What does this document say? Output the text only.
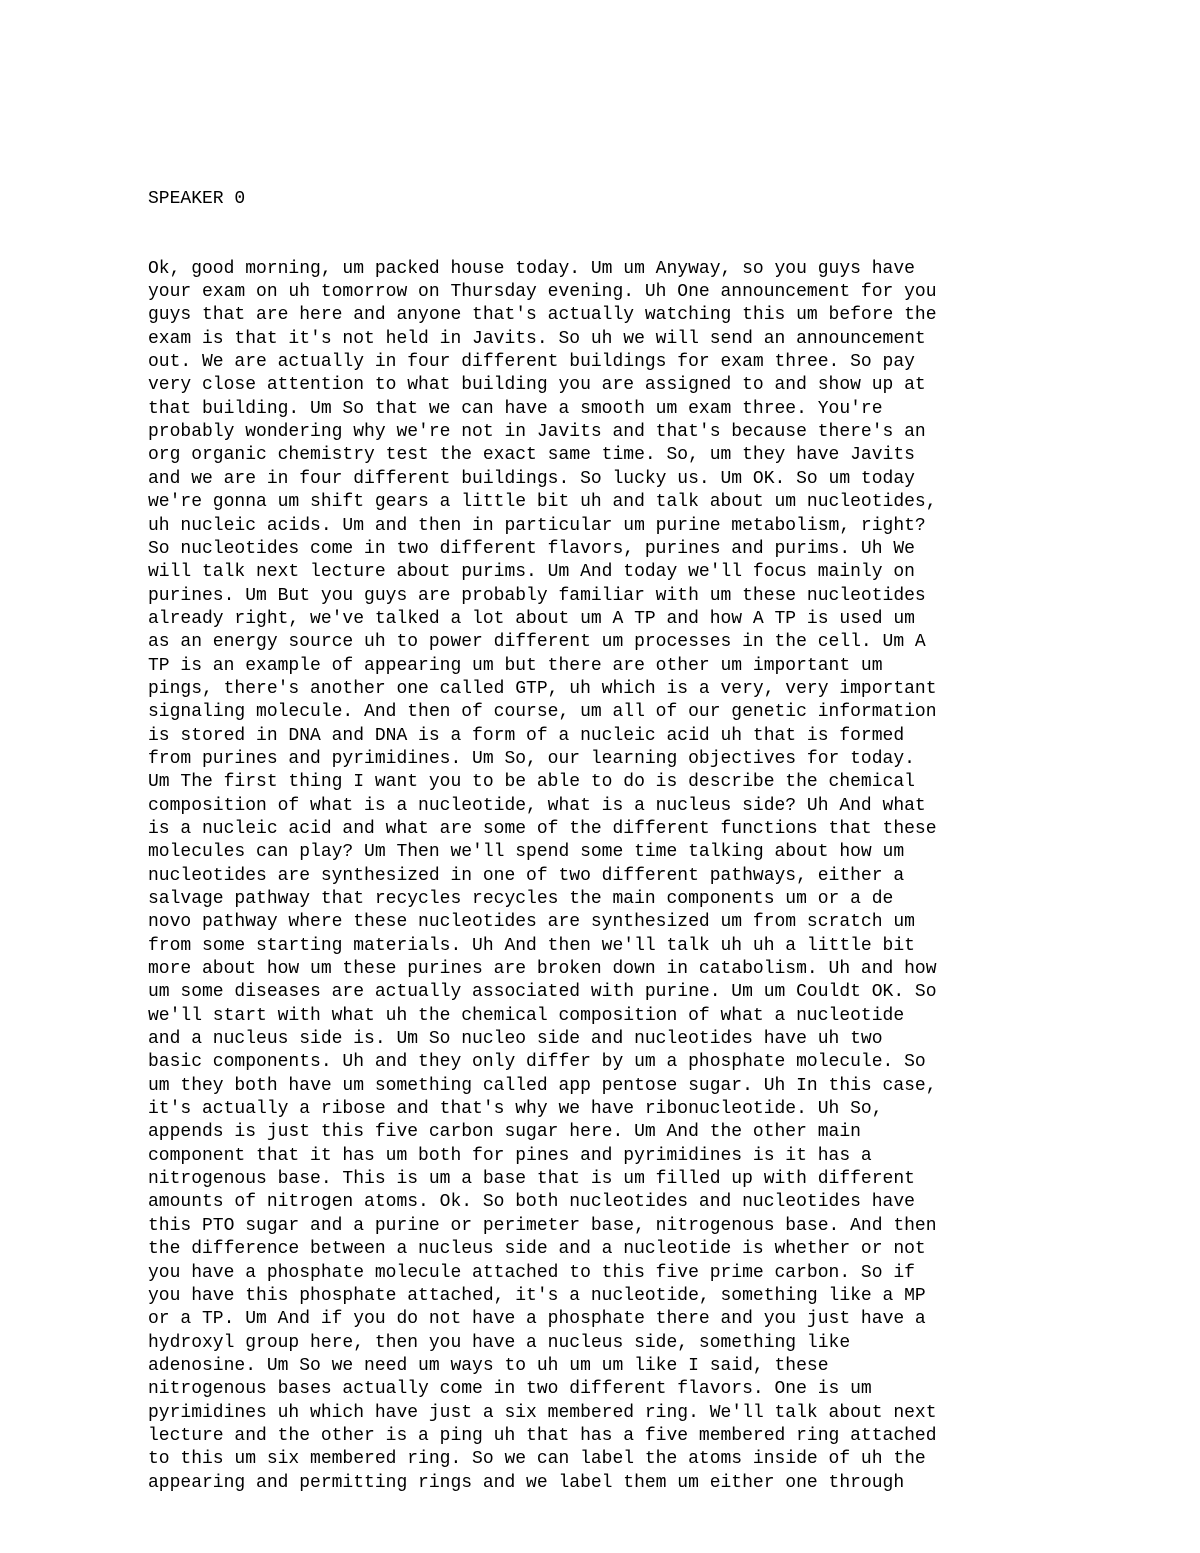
SPEAKER 0

Ok, good morning, um packed house today. Um um Anyway, so you guys have
your exam on uh tomorrow on Thursday evening. Uh One announcement for you
guys that are here and anyone that's actually watching this um before the
exam is that it's not held in Javits. So uh we will send an announcement
out. We are actually in four different buildings for exam three. So pay
very close attention to what building you are assigned to and show up at
that building. Um So that we can have a smooth um exam three. You're
probably wondering why we're not in Javits and that's because there's an
org organic chemistry test the exact same time. So, um they have Javits
and we are in four different buildings. So lucky us. Um OK. So um today
we're gonna um shift gears a little bit uh and talk about um nucleotides,
uh nucleic acids. Um and then in particular um purine metabolism, right?
So nucleotides come in two different flavors, purines and purims. Uh We
will talk next lecture about purims. Um And today we'll focus mainly on
purines. Um But you guys are probably familiar with um these nucleotides
already right, we've talked a lot about um A TP and how A TP is used um
as an energy source uh to power different um processes in the cell. Um A
TP is an example of appearing um but there are other um important um
pings, there's another one called GTP, uh which is a very, very important
signaling molecule. And then of course, um all of our genetic information
is stored in DNA and DNA is a form of a nucleic acid uh that is formed
from purines and pyrimidines. Um So, our learning objectives for today.
Um The first thing I want you to be able to do is describe the chemical
composition of what is a nucleotide, what is a nucleus side? Uh And what
is a nucleic acid and what are some of the different functions that these
molecules can play? Um Then we'll spend some time talking about how um
nucleotides are synthesized in one of two different pathways, either a
salvage pathway that recycles recycles the main components um or a de
novo pathway where these nucleotides are synthesized um from scratch um
from some starting materials. Uh And then we'll talk uh uh a little bit
more about how um these purines are broken down in catabolism. Uh and how
um some diseases are actually associated with purine. Um um Couldt OK. So
we'll start with what uh the chemical composition of what a nucleotide
and a nucleus side is. Um So nucleo side and nucleotides have uh two
basic components. Uh and they only differ by um a phosphate molecule. So
um they both have um something called app pentose sugar. Uh In this case,
it's actually a ribose and that's why we have ribonucleotide. Uh So,
appends is just this five carbon sugar here. Um And the other main
component that it has um both for pines and pyrimidines is it has a
nitrogenous base. This is um a base that is um filled up with different
amounts of nitrogen atoms. Ok. So both nucleotides and nucleotides have
this PTO sugar and a purine or perimeter base, nitrogenous base. And then
the difference between a nucleus side and a nucleotide is whether or not
you have a phosphate molecule attached to this five prime carbon. So if
you have this phosphate attached, it's a nucleotide, something like a MP
or a TP. Um And if you do not have a phosphate there and you just have a
hydroxyl group here, then you have a nucleus side, something like
adenosine. Um So we need um ways to uh um um like I said, these
nitrogenous bases actually come in two different flavors. One is um
pyrimidines uh which have just a six membered ring. We'll talk about next
lecture and the other is a ping uh that has a five membered ring attached
to this um six membered ring. So we can label the atoms inside of uh the
appearing and permitting rings and we label them um either one through
